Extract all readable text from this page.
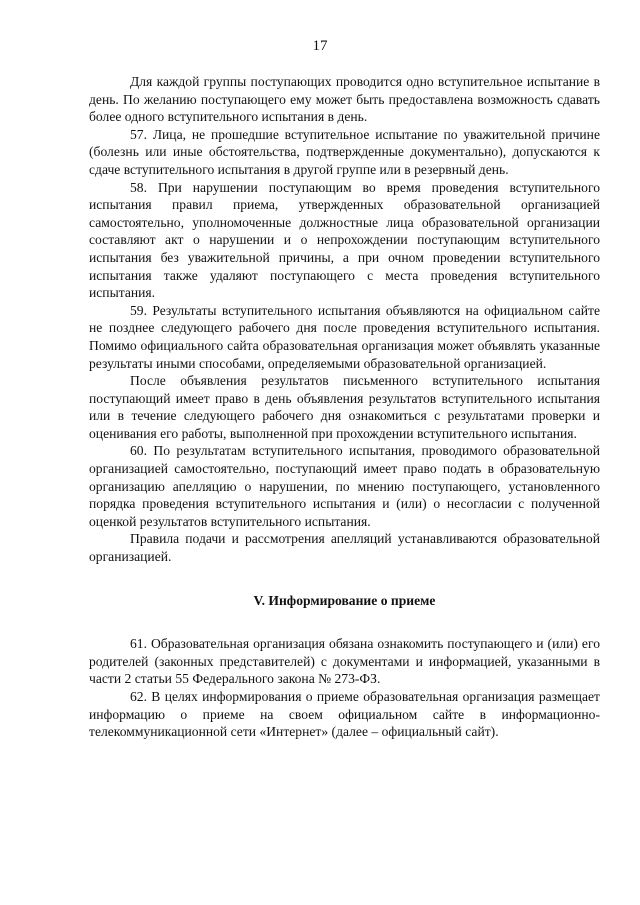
17

Для каждой группы поступающих проводится одно вступительное испытание в день. По желанию поступающего ему может быть предоставлена возможность сдавать более одного вступительного испытания в день.

57. Лица, не прошедшие вступительное испытание по уважительной причине (болезнь или иные обстоятельства, подтвержденные документально), допускаются к сдаче вступительного испытания в другой группе или в резервный день.

58. При нарушении поступающим во время проведения вступительного испытания правил приема, утвержденных образовательной организацией самостоятельно, уполномоченные должностные лица образовательной организации составляют акт о нарушении и о непрохождении поступающим вступительного испытания без уважительной причины, а при очном проведении вступительного испытания также удаляют поступающего с места проведения вступительного испытания.

59. Результаты вступительного испытания объявляются на официальном сайте не позднее следующего рабочего дня после проведения вступительного испытания. Помимо официального сайта образовательная организация может объявлять указанные результаты иными способами, определяемыми образовательной организацией.

После объявления результатов письменного вступительного испытания поступающий имеет право в день объявления результатов вступительного испытания или в течение следующего рабочего дня ознакомиться с результатами проверки и оценивания его работы, выполненной при прохождении вступительного испытания.

60. По результатам вступительного испытания, проводимого образовательной организацией самостоятельно, поступающий имеет право подать в образовательную организацию апелляцию о нарушении, по мнению поступающего, установленного порядка проведения вступительного испытания и (или) о несогласии с полученной оценкой результатов вступительного испытания.

Правила подачи и рассмотрения апелляций устанавливаются образовательной организацией.

V. Информирование о приеме

61. Образовательная организация обязана ознакомить поступающего и (или) его родителей (законных представителей) с документами и информацией, указанными в части 2 статьи 55 Федерального закона № 273-ФЗ.

62. В целях информирования о приеме образовательная организация размещает информацию о приеме на своем официальном сайте в информационно-телекоммуникационной сети «Интернет» (далее – официальный сайт).
